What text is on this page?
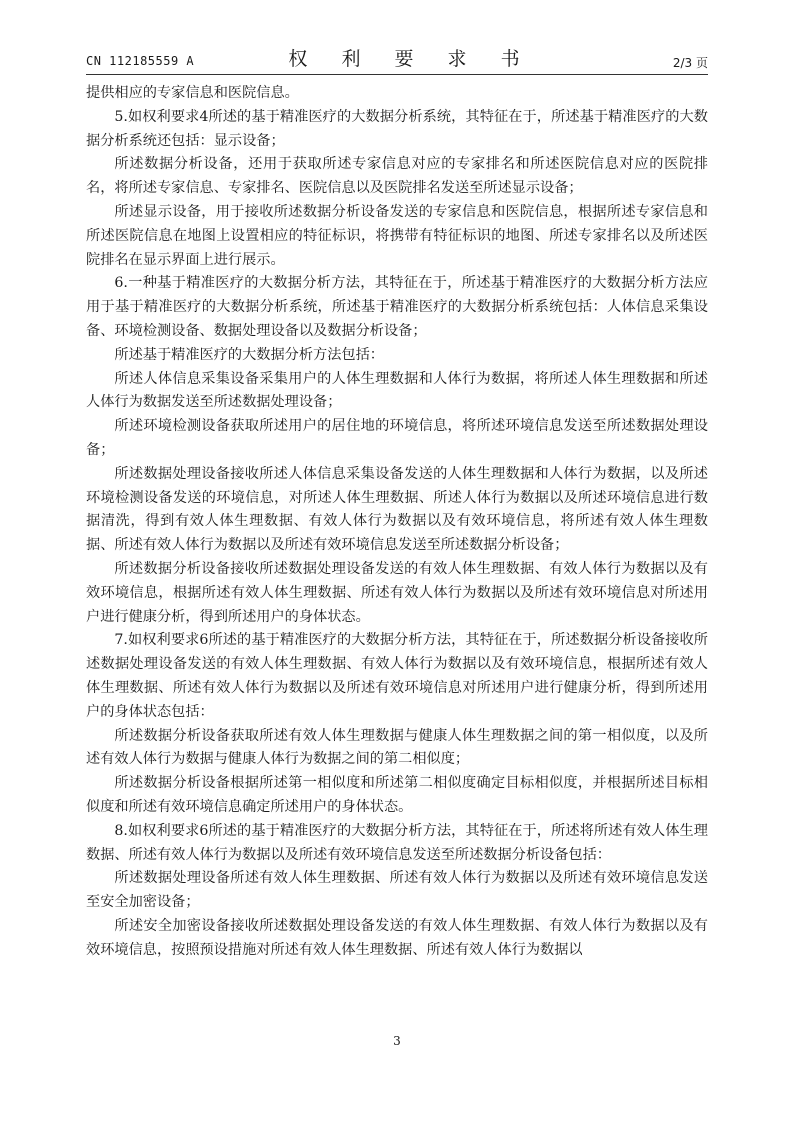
CN 112185559 A	权 利 要 求 书	2/3 页

提供相应的专家信息和医院信息。

5.如权利要求4所述的基于精准医疗的大数据分析系统，其特征在于，所述基于精准医疗的大数据分析系统还包括：显示设备；

所述数据分析设备，还用于获取所述专家信息对应的专家排名和所述医院信息对应的医院排名，将所述专家信息、专家排名、医院信息以及医院排名发送至所述显示设备；

所述显示设备，用于接收所述数据分析设备发送的专家信息和医院信息，根据所述专家信息和所述医院信息在地图上设置相应的特征标识，将携带有特征标识的地图、所述专家排名以及所述医院排名在显示界面上进行展示。

6.一种基于精准医疗的大数据分析方法，其特征在于，所述基于精准医疗的大数据分析方法应用于基于精准医疗的大数据分析系统，所述基于精准医疗的大数据分析系统包括：人体信息采集设备、环境检测设备、数据处理设备以及数据分析设备；

所述基于精准医疗的大数据分析方法包括：

所述人体信息采集设备采集用户的人体生理数据和人体行为数据，将所述人体生理数据和所述人体行为数据发送至所述数据处理设备；

所述环境检测设备获取所述用户的居住地的环境信息，将所述环境信息发送至所述数据处理设备；

所述数据处理设备接收所述人体信息采集设备发送的人体生理数据和人体行为数据，以及所述环境检测设备发送的环境信息，对所述人体生理数据、所述人体行为数据以及所述环境信息进行数据清洗，得到有效人体生理数据、有效人体行为数据以及有效环境信息，将所述有效人体生理数据、所述有效人体行为数据以及所述有效环境信息发送至所述数据分析设备；

所述数据分析设备接收所述数据处理设备发送的有效人体生理数据、有效人体行为数据以及有效环境信息，根据所述有效人体生理数据、所述有效人体行为数据以及所述有效环境信息对所述用户进行健康分析，得到所述用户的身体状态。

7.如权利要求6所述的基于精准医疗的大数据分析方法，其特征在于，所述数据分析设备接收所述数据处理设备发送的有效人体生理数据、有效人体行为数据以及有效环境信息，根据所述有效人体生理数据、所述有效人体行为数据以及所述有效环境信息对所述用户进行健康分析，得到所述用户的身体状态包括：

所述数据分析设备获取所述有效人体生理数据与健康人体生理数据之间的第一相似度，以及所述有效人体行为数据与健康人体行为数据之间的第二相似度；

所述数据分析设备根据所述第一相似度和所述第二相似度确定目标相似度，并根据所述目标相似度和所述有效环境信息确定所述用户的身体状态。

8.如权利要求6所述的基于精准医疗的大数据分析方法，其特征在于，所述将所述有效人体生理数据、所述有效人体行为数据以及所述有效环境信息发送至所述数据分析设备包括：

所述数据处理设备所述有效人体生理数据、所述有效人体行为数据以及所述有效环境信息发送至安全加密设备；

所述安全加密设备接收所述数据处理设备发送的有效人体生理数据、有效人体行为数据以及有效环境信息，按照预设措施对所述有效人体生理数据、所述有效人体行为数据以

3
